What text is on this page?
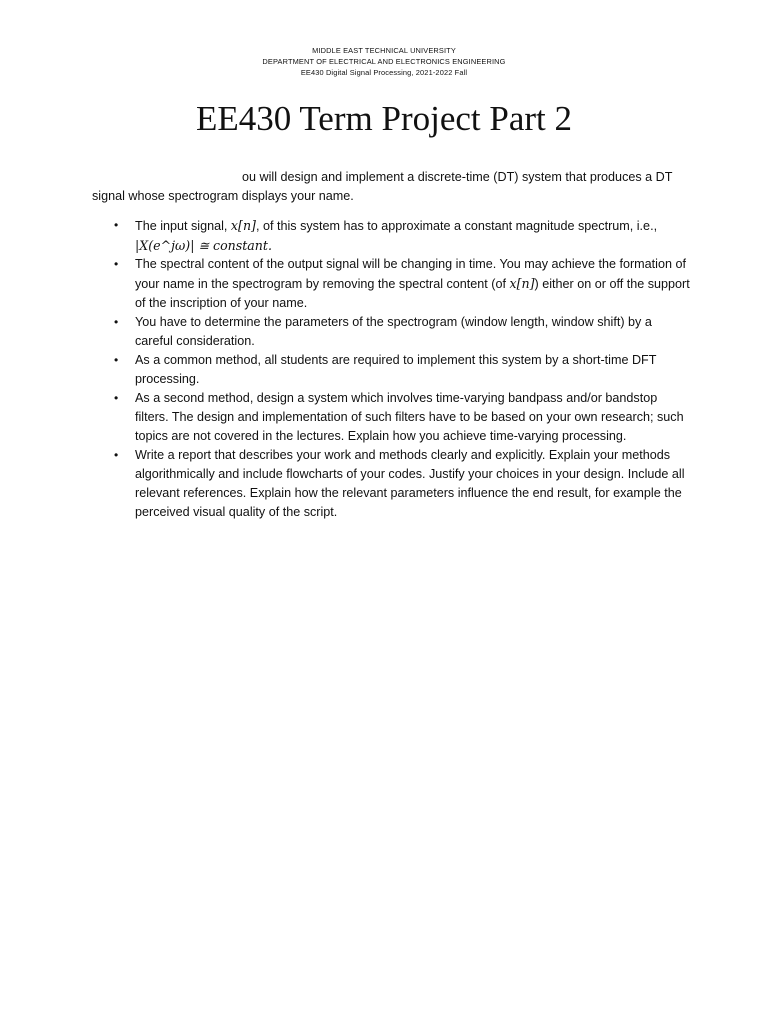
MIDDLE EAST TECHNICAL UNIVERSITY
DEPARTMENT OF ELECTRICAL AND ELECTRONICS ENGINEERING
EE430 Digital Signal Processing, 2021-2022 Fall
EE430 Term Project Part 2
ou will design and implement a discrete-time (DT) system that produces a DT
signal whose spectrogram displays your name.
• The input signal, x[n], of this system has to approximate a constant magnitude spectrum, i.e.,
|X(e^jω)| ≅ constant.
• The spectral content of the output signal will be changing in time. You may achieve the formation of your name in the spectrogram by removing the spectral content (of x[n]) either on or off the support of the inscription of your name.
• You have to determine the parameters of the spectrogram (window length, window shift) by a careful consideration.
• As a common method, all students are required to implement this system by a short-time DFT processing.
• As a second method, design a system which involves time-varying bandpass and/or bandstop filters. The design and implementation of such filters have to be based on your own research; such topics are not covered in the lectures. Explain how you achieve time-varying processing.
• Write a report that describes your work and methods clearly and explicitly. Explain your methods algorithmically and include flowcharts of your codes. Justify your choices in your design. Include all relevant references. Explain how the relevant parameters influence the end result, for example the perceived visual quality of the script.
